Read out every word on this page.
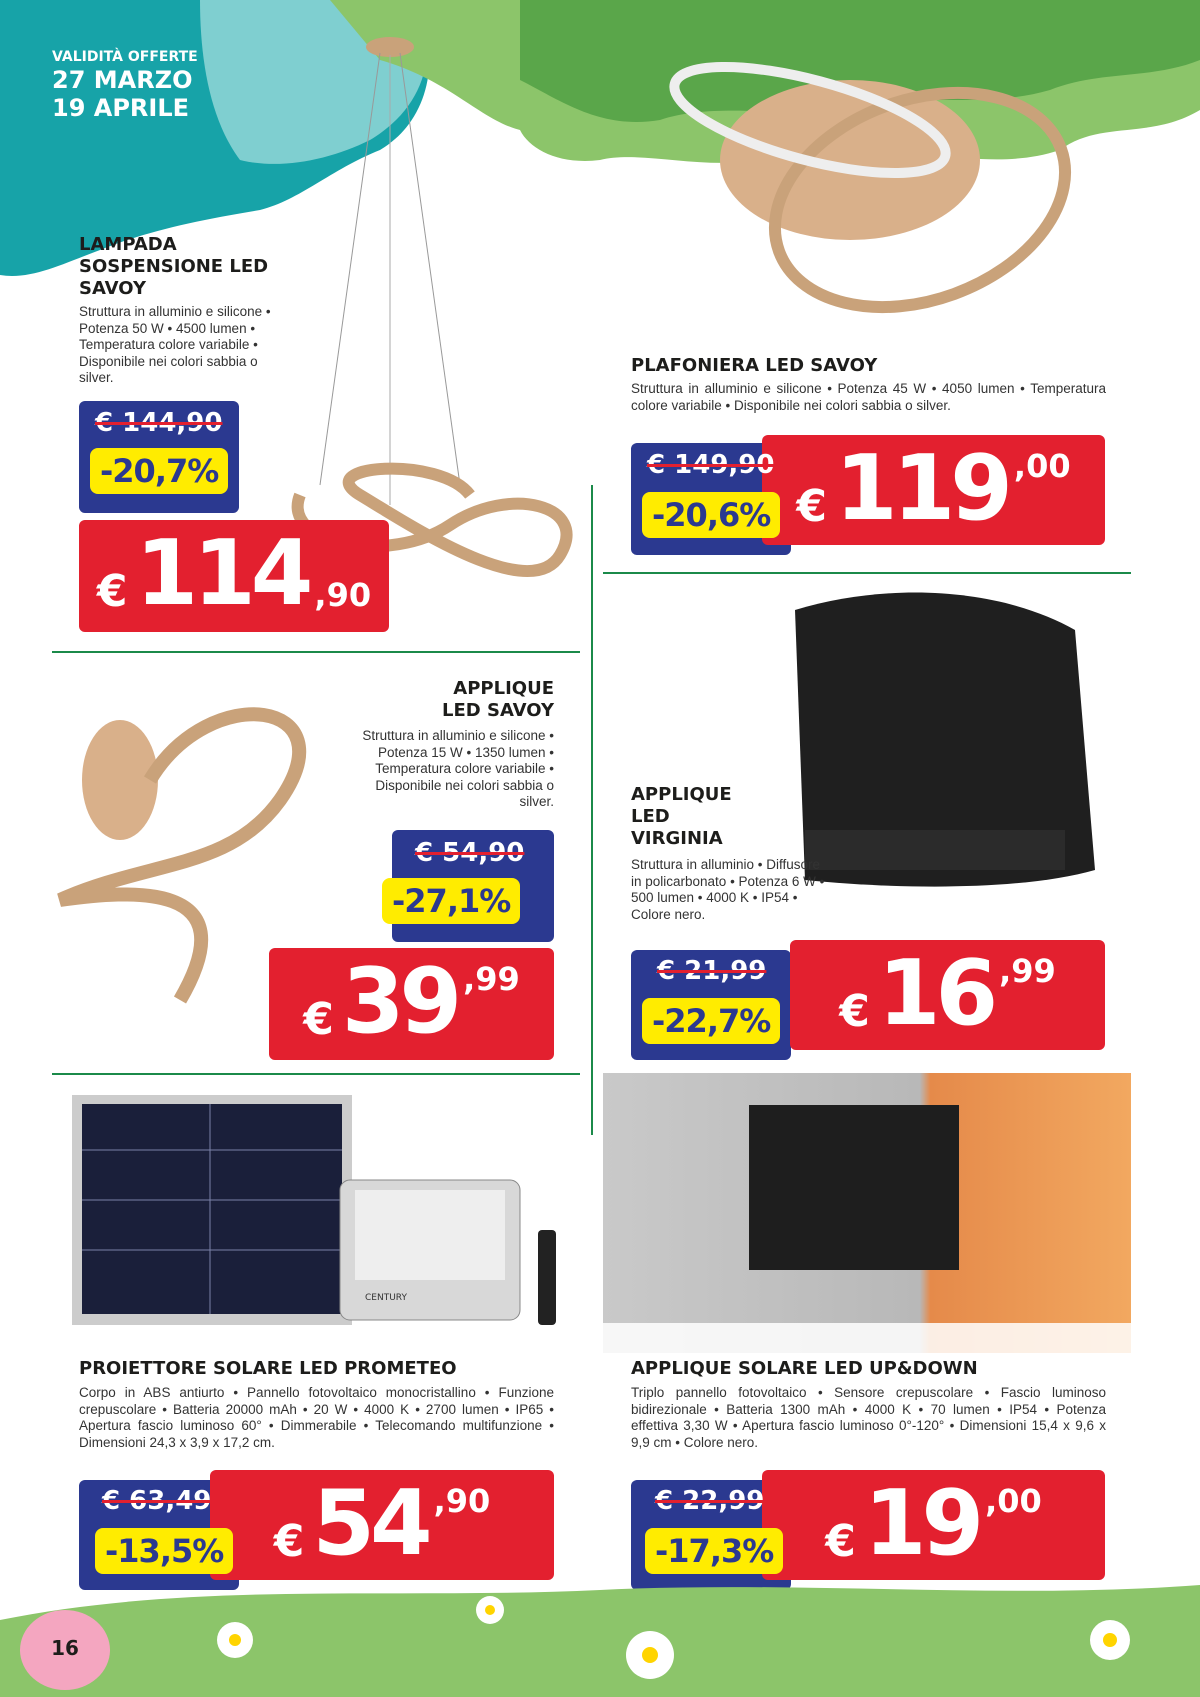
VALIDITÀ OFFERTE
27 MARZO
19 APRILE
LAMPADA
SOSPENSIONE LED
SAVOY
Struttura in alluminio e silicone • Potenza 50 W • 4500 lumen • Temperatura colore variabile • Disponibile nei colori sabbia o silver.
€ 144,90
-20,7%
€ 114 ,90
PLAFONIERA LED SAVOY
Struttura in alluminio e silicone • Potenza 45 W • 4050 lumen • Temperatura colore variabile • Disponibile nei colori sabbia o silver.
€ 119 ,00
€ 149,90
-20,6%
APPLIQUE
LED SAVOY
Struttura in alluminio e silicone • Potenza 15 W • 1350 lumen • Temperatura colore variabile • Disponibile nei colori sabbia o silver.
€ 54,90
-27,1%
€ 39 ,99
APPLIQUE
LED
VIRGINIA
Struttura in alluminio • Diffusore in policarbonato • Potenza 6 W • 500 lumen • 4000 K • IP54 • Colore nero.
€ 16 ,99
€ 21,99
-22,7%
CENTURY
PROIETTORE SOLARE LED PROMETEO
Corpo in ABS antiurto • Pannello fotovoltaico monocristallino • Funzione crepuscolare • Batteria 20000 mAh • 20 W • 4000 K • 2700 lumen • IP65 • Apertura fascio luminoso 60° • Dimmerabile • Telecomando multifunzione • Dimensioni 24,3 x 3,9 x 17,2 cm.
€ 54 ,90
€ 63,49
-13,5%
APPLIQUE SOLARE LED UP&DOWN
Triplo pannello fotovoltaico • Sensore crepuscolare • Fascio luminoso bidirezionale • Batteria 1300 mAh • 4000 K • 70 lumen • IP54 • Potenza effettiva 3,30 W • Apertura fascio luminoso 0°-120° • Dimensioni 15,4 x 9,6 x 9,9 cm • Colore nero.
€ 19 ,00
€ 22,99
-17,3%
16
